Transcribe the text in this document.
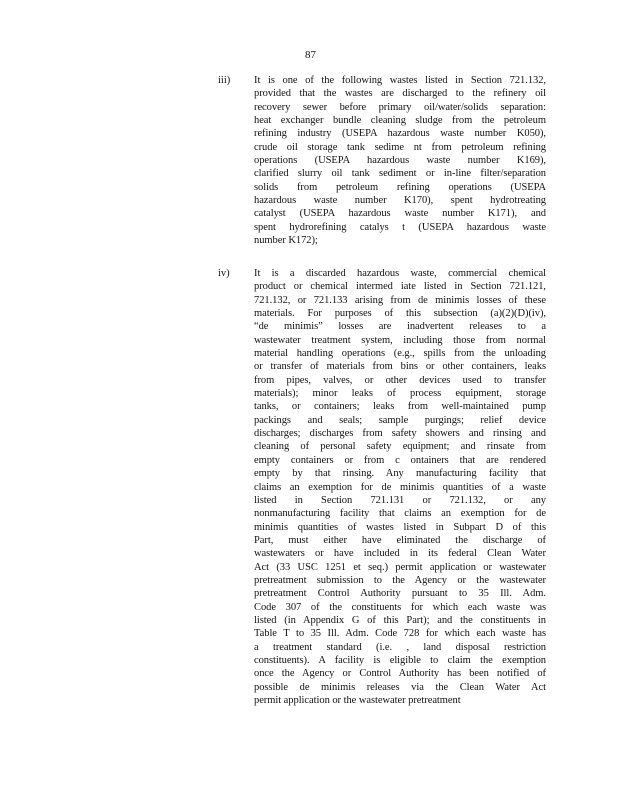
87
iii) It is one of the following wastes listed in Section 721.132,
provided that the wastes are discharged to the refinery oil
recovery sewer before primary oil/water/solids separation:
heat exchanger bundle cleaning sludge from the petroleum
refining industry (USEPA hazardous waste number K050),
crude oil storage tank sedime nt from petroleum refining
operations (USEPA hazardous waste number K169),
clarified slurry oil tank sediment or in-line filter/separation
solids from petroleum refining operations (USEPA
hazardous waste number K170), spent hydrotreating
catalyst (USEPA hazardous waste number K171), and
spent hydrorefining catalys t (USEPA hazardous waste
number K172);
iv) It is a discarded hazardous waste, commercial chemical
product or chemical intermed iate listed in Section 721.121,
721.132, or 721.133 arising from de minimis losses of these
materials. For purposes of this subsection (a)(2)(D)(iv),
“de minimis” losses are inadvertent releases to a
wastewater treatment system, including those from normal
material handling operations (e.g., spills from the unloading
or transfer of materials from bins or other containers, leaks
from pipes, valves, or other devices used to transfer
materials); minor leaks of process equipment, storage
tanks, or containers; leaks from well-maintained pump
packings and seals; sample purgings; relief device
discharges; discharges from safety showers and rinsing and
cleaning of personal safety equipment; and rinsate from
empty containers or from c ontainers that are rendered
empty by that rinsing. Any manufacturing facility that
claims an exemption for de minimis quantities of a waste
listed in Section 721.131 or 721.132, or any
nonmanufacturing facility that claims an exemption for de
minimis quantities of wastes listed in Subpart D of this
Part, must either have eliminated the discharge of
wastewaters or have included in its federal Clean Water
Act (33 USC 1251 et seq.) permit application or wastewater
pretreatment submission to the Agency or the wastewater
pretreatment Control Authority pursuant to 35 Ill. Adm.
Code 307 of the constituents for which each waste was
listed (in Appendix G of this Part); and the constituents in
Table T to 35 Ill. Adm. Code 728 for which each waste has
a treatment standard (i.e. , land disposal restriction
constituents). A facility is eligible to claim the exemption
once the Agency or Control Authority has been notified of
possible de minimis releases via the Clean Water Act
permit application or the wastewater pretreatment
